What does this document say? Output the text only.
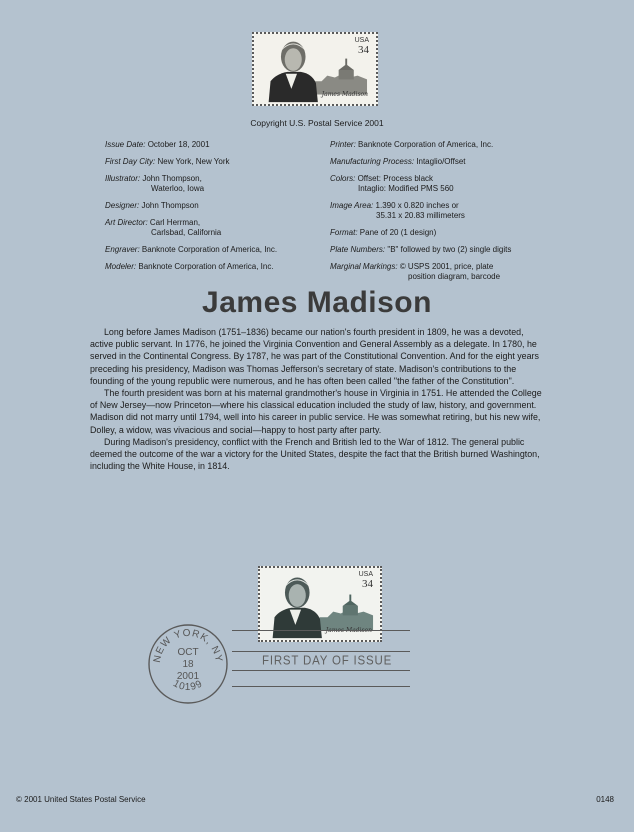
USA
34
James Madison
Copyright U.S. Postal Service 2001
Issue Date: October 18, 2001
First Day City: New York, New York
Illustrator: John Thompson,
Waterloo, Iowa
Designer: John Thompson
Art Director: Carl Herrman,
Carlsbad, California
Engraver: Banknote Corporation of America, Inc.
Modeler: Banknote Corporation of America, Inc.
Printer: Banknote Corporation of America, Inc.
Manufacturing Process: Intaglio/Offset
Colors: Offset: Process black
Intaglio: Modified PMS 560
Image Area: 1.390 x 0.820 inches or
35.31 x 20.83 millimeters
Format: Pane of 20 (1 design)
Plate Numbers: "B" followed by two (2) single digits
Marginal Markings: © USPS 2001, price, plate
position diagram, barcode
James Madison

Long before James Madison (1751–1836) became our nation's fourth president in 1809, he was a devoted, active public servant. In 1776, he joined the Virginia Convention and General Assembly as a delegate. In 1780, he served in the Continental Congress. By 1787, he was part of the Constitutional Convention. And for the eight years preceding his presidency, Madison was Thomas Jefferson's secretary of state. Madison's contributions to the founding of the young republic were numerous, and he has often been called "the father of the Constitution".

The fourth president was born at his maternal grandmother's house in Virginia in 1751. He attended the College of New Jersey—now Princeton—where his classical education included the study of law, history, and government. Madison did not marry until 1794, well into his career in public service. He was somewhat retiring, but his new wife, Dolley, a widow, was vivacious and social—happy to host party after party.

During Madison's presidency, conflict with the French and British led to the War of 1812. The general public deemed the outcome of the war a victory for the United States, despite the fact that the British burned Washington, including the White House, in 1814.

USA
34
James Madison
NEW YORK, NY
10199
OCT
18
2001
FIRST DAY OF ISSUE
© 2001 United States Postal Service	0148
